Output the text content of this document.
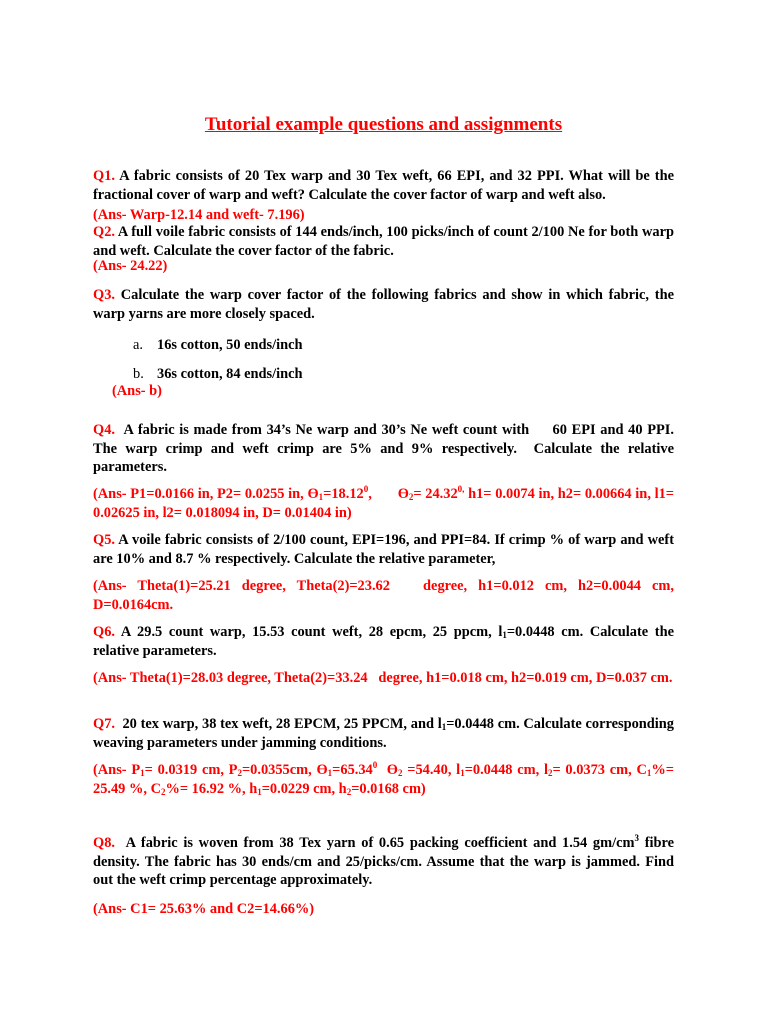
Tutorial example questions and assignments
Q1. A fabric consists of 20 Tex warp and 30 Tex weft, 66 EPI, and 32 PPI. What will be the fractional cover of warp and weft? Calculate the cover factor of warp and weft also.
(Ans- Warp-12.14 and weft- 7.196)
Q2. A full voile fabric consists of 144 ends/inch, 100 picks/inch of count 2/100 Ne for both warp and weft. Calculate the cover factor of the fabric.
(Ans- 24.22)
Q3. Calculate the warp cover factor of the following fabrics and show in which fabric, the warp yarns are more closely spaced.
a. 16s cotton, 50 ends/inch
b. 36s cotton, 84 ends/inch
(Ans- b)
Q4.  A fabric is made from 34’s Ne warp and 30’s Ne weft count with     60 EPI and 40 PPI.  The warp crimp and weft crimp are 5% and 9% respectively.  Calculate the relative parameters.
(Ans- P1=0.0166 in, P2= 0.0255 in, $ϴ_1=18.12^0$,       $ϴ_2= 24.32^{0,}$ h1= 0.0074 in, h2= 0.00664 in, l1= 0.02625 in, l2= 0.018094 in, D= 0.01404 in)
Q5. A voile fabric consists of 2/100 count, EPI=196, and PPI=84. If crimp % of warp and weft are 10% and 8.7 % respectively. Calculate the relative parameter,
(Ans- Theta(1)=25.21 degree, Theta(2)=23.62   degree, h1=0.012 cm, h2=0.0044 cm, D=0.0164cm.
Q6. A 29.5 count warp, 15.53 count weft, 28 epcm, 25 ppcm, $l_1=0.0448$ cm. Calculate the relative parameters.
(Ans- Theta(1)=28.03 degree, Theta(2)=33.24   degree, h1=0.018 cm, h2=0.019 cm, D=0.037 cm.
Q7.  20 tex warp, 38 tex weft, 28 EPCM, 25 PPCM, and $l_1=0.0448$ cm. Calculate corresponding weaving parameters under jamming conditions.
(Ans- $P_1= 0.0319$ cm, $P_2=0.0355cm$, $ϴ_1=65.34^0$  $ϴ_2 =54.40$, $l_1=0.0448$ cm, $l_2= 0.0373$ cm, $C_1\%= 25.49$ %, $C_2\%= 16.92$ %, $h_1=0.0229$ cm, $h_2=0.0168$ cm)
Q8.  A fabric is woven from 38 Tex yarn of 0.65 packing coefficient and 1.54 $gm/cm^3$ fibre density. The fabric has 30 ends/cm and 25/picks/cm. Assume that the warp is jammed. Find out the weft crimp percentage approximately.
(Ans- C1= 25.63% and C2=14.66%)
